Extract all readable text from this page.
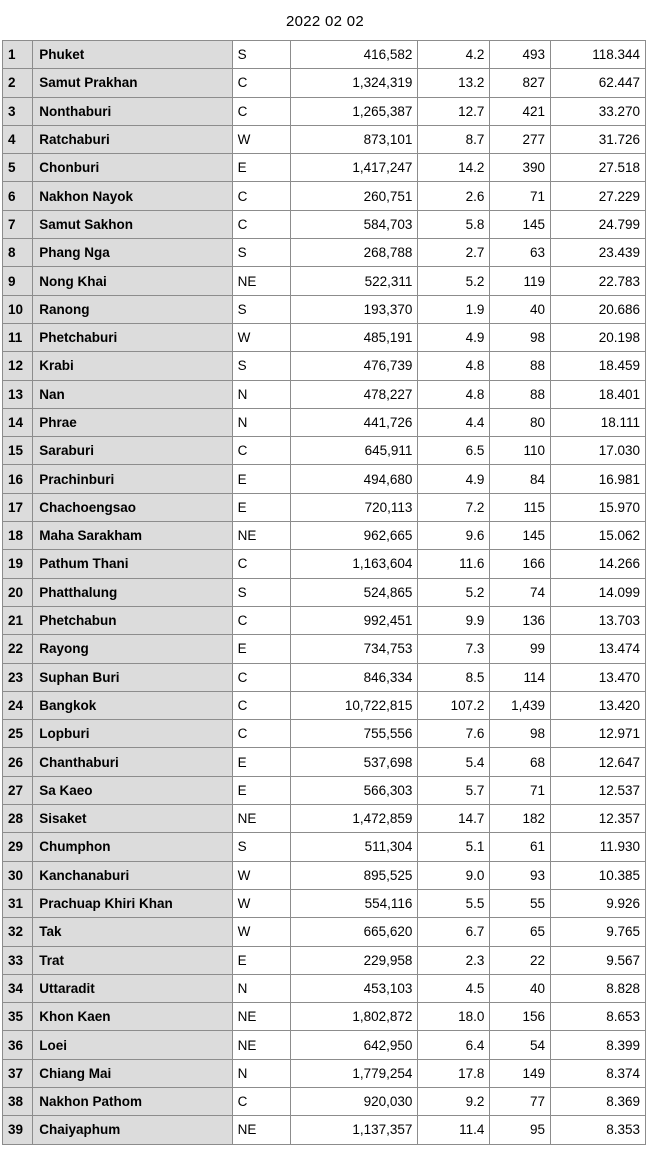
2022 02 02
1	Phuket	S	416,582	4.2	493	118.344
2	Samut Prakhan	C	1,324,319	13.2	827	62.447
3	Nonthaburi	C	1,265,387	12.7	421	33.270
4	Ratchaburi	W	873,101	8.7	277	31.726
5	Chonburi	E	1,417,247	14.2	390	27.518
6	Nakhon Nayok	C	260,751	2.6	71	27.229
7	Samut Sakhon	C	584,703	5.8	145	24.799
8	Phang Nga	S	268,788	2.7	63	23.439
9	Nong Khai	NE	522,311	5.2	119	22.783
10	Ranong	S	193,370	1.9	40	20.686
11	Phetchaburi	W	485,191	4.9	98	20.198
12	Krabi	S	476,739	4.8	88	18.459
13	Nan	N	478,227	4.8	88	18.401
14	Phrae	N	441,726	4.4	80	18.111
15	Saraburi	C	645,911	6.5	110	17.030
16	Prachinburi	E	494,680	4.9	84	16.981
17	Chachoengsao	E	720,113	7.2	115	15.970
18	Maha Sarakham	NE	962,665	9.6	145	15.062
19	Pathum Thani	C	1,163,604	11.6	166	14.266
20	Phatthalung	S	524,865	5.2	74	14.099
21	Phetchabun	C	992,451	9.9	136	13.703
22	Rayong	E	734,753	7.3	99	13.474
23	Suphan Buri	C	846,334	8.5	114	13.470
24	Bangkok	C	10,722,815	107.2	1,439	13.420
25	Lopburi	C	755,556	7.6	98	12.971
26	Chanthaburi	E	537,698	5.4	68	12.647
27	Sa Kaeo	E	566,303	5.7	71	12.537
28	Sisaket	NE	1,472,859	14.7	182	12.357
29	Chumphon	S	511,304	5.1	61	11.930
30	Kanchanaburi	W	895,525	9.0	93	10.385
31	Prachuap Khiri Khan	W	554,116	5.5	55	9.926
32	Tak	W	665,620	6.7	65	9.765
33	Trat	E	229,958	2.3	22	9.567
34	Uttaradit	N	453,103	4.5	40	8.828
35	Khon Kaen	NE	1,802,872	18.0	156	8.653
36	Loei	NE	642,950	6.4	54	8.399
37	Chiang Mai	N	1,779,254	17.8	149	8.374
38	Nakhon Pathom	C	920,030	9.2	77	8.369
39	Chaiyaphum	NE	1,137,357	11.4	95	8.353
